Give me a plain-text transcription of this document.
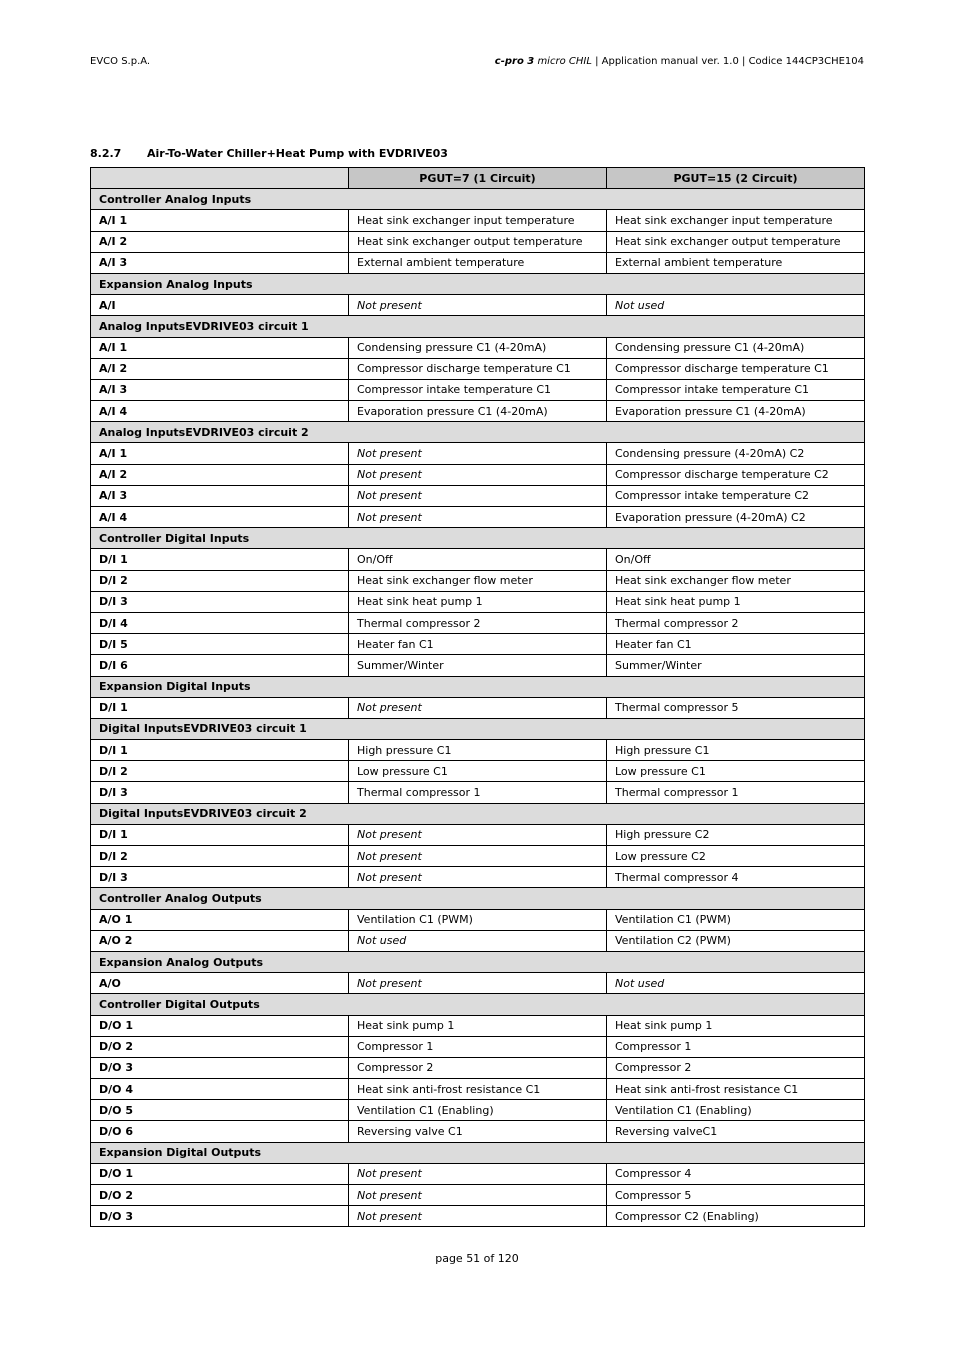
EVCO S.p.A.	c-pro 3 micro CHIL | Application manual ver. 1.0 | Codice 144CP3CHE104
8.2.7 Air-To-Water Chiller+Heat Pump with EVDRIVE03
	PGUT=7 (1 Circuit)	PGUT=15 (2 Circuit)
Controller Analog Inputs		
A/I 1	Heat sink exchanger input temperature	Heat sink exchanger input temperature
A/I 2	Heat sink exchanger output temperature	Heat sink exchanger output temperature
A/I 3	External ambient temperature	External ambient temperature
Expansion Analog Inputs		
A/I	Not present	Not used
Analog InputsEVDRIVE03 circuit 1		
A/I 1	Condensing pressure C1 (4-20mA)	Condensing pressure C1 (4-20mA)
A/I 2	Compressor discharge temperature C1	Compressor discharge temperature C1
A/I 3	Compressor intake temperature C1	Compressor intake temperature C1
A/I 4	Evaporation pressure C1 (4-20mA)	Evaporation pressure C1 (4-20mA)
Analog InputsEVDRIVE03 circuit 2		
A/I 1	Not present	Condensing pressure (4-20mA) C2
A/I 2	Not present	Compressor discharge temperature C2
A/I 3	Not present	Compressor intake temperature C2
A/I 4	Not present	Evaporation pressure (4-20mA) C2
Controller Digital Inputs		
D/I 1	On/Off	On/Off
D/I 2	Heat sink exchanger flow meter	Heat sink exchanger flow meter
D/I 3	Heat sink heat pump 1	Heat sink heat pump 1
D/I 4	Thermal compressor 2	Thermal compressor 2
D/I 5	Heater fan C1	Heater fan C1
D/I 6	Summer/Winter	Summer/Winter
Expansion Digital Inputs		
D/I 1	Not present	Thermal compressor 5
Digital InputsEVDRIVE03 circuit 1		
D/I 1	High pressure C1	High pressure C1
D/I 2	Low pressure C1	Low pressure C1
D/I 3	Thermal compressor 1	Thermal compressor 1
Digital InputsEVDRIVE03 circuit 2		
D/I 1	Not present	High pressure C2
D/I 2	Not present	Low pressure C2
D/I 3	Not present	Thermal compressor 4
Controller Analog Outputs		
A/O 1	Ventilation C1 (PWM)	Ventilation C1 (PWM)
A/O 2	Not used	Ventilation C2 (PWM)
Expansion Analog Outputs		
A/O	Not present	Not used
Controller Digital Outputs		
D/O 1	Heat sink pump 1	Heat sink pump 1
D/O 2	Compressor 1	Compressor 1
D/O 3	Compressor 2	Compressor 2
D/O 4	Heat sink anti-frost resistance C1	Heat sink anti-frost resistance C1
D/O 5	Ventilation C1 (Enabling)	Ventilation C1 (Enabling)
D/O 6	Reversing valve C1	Reversing valveC1
Expansion Digital Outputs		
D/O 1	Not present	Compressor 4
D/O 2	Not present	Compressor 5
D/O 3	Not present	Compressor C2 (Enabling)
page 51 of 120
